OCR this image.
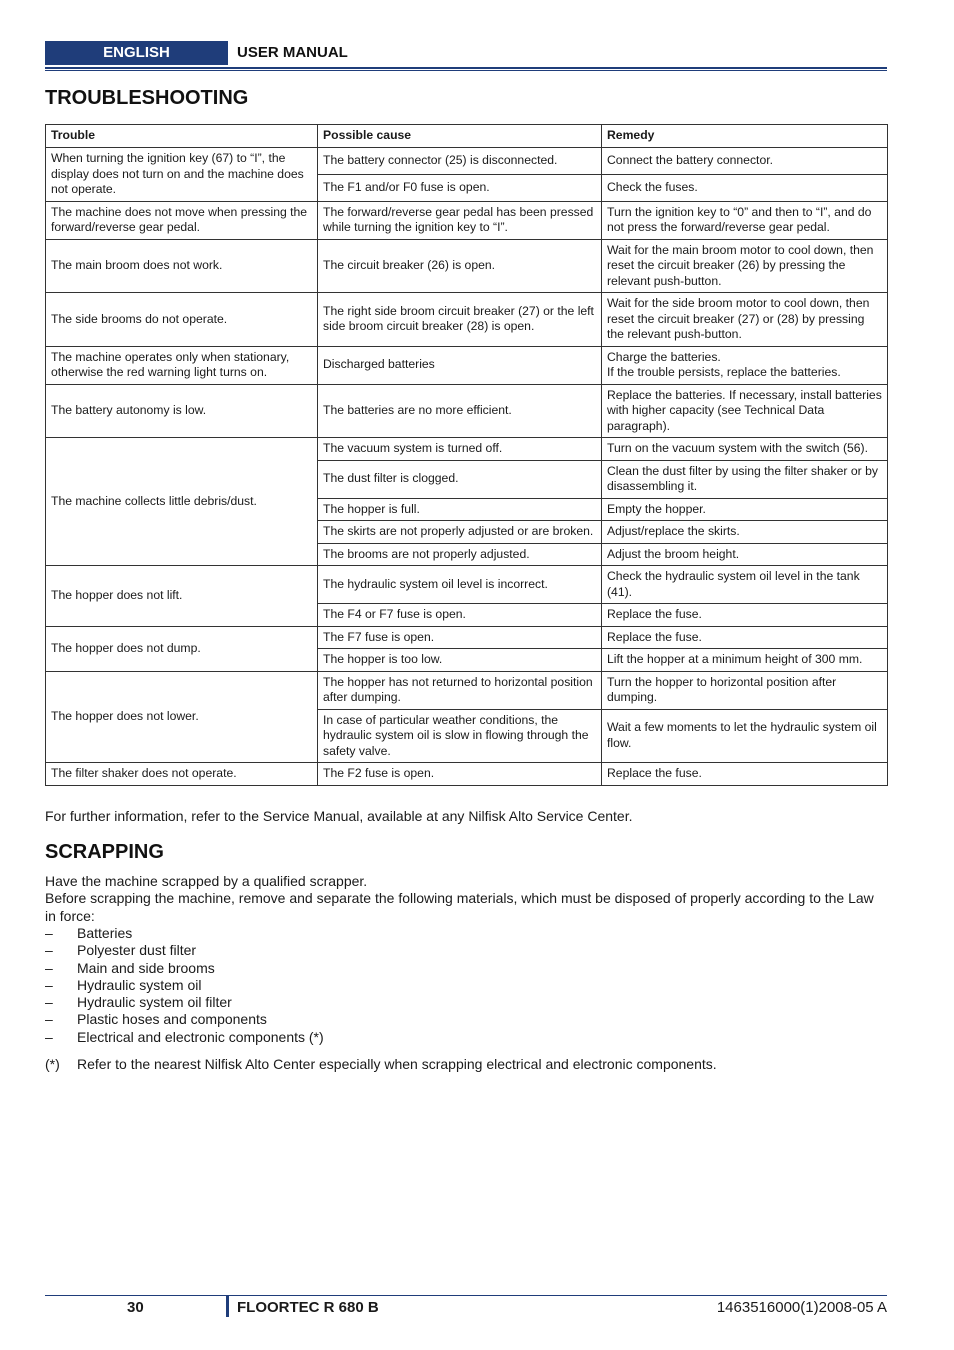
ENGLISH	USER MANUAL
TROUBLESHOOTING
Trouble	Possible cause	Remedy
When turning the ignition key (67) to “I”, the display does not turn on and the machine does not operate.	The battery connector (25) is disconnected.	Connect the battery connector.
	The F1 and/or F0 fuse is open.	Check the fuses.
The machine does not move when pressing the forward/reverse gear pedal.	The forward/reverse gear pedal has been pressed while turning the ignition key to “I”.	Turn the ignition key to “0” and then to “I”, and do not press the forward/reverse gear pedal.
The main broom does not work.	The circuit breaker (26) is open.	Wait for the main broom motor to cool down, then reset the circuit breaker (26) by pressing the relevant push-button.
The side brooms do not operate.	The right side broom circuit breaker (27) or the left side broom circuit breaker (28) is open.	Wait for the side broom motor to cool down, then reset the circuit breaker (27) or (28) by pressing the relevant push-button.
The machine operates only when stationary, otherwise the red warning light turns on.	Discharged batteries	Charge the batteries.
If the trouble persists, replace the batteries.
The battery autonomy is low.	The batteries are no more efficient.	Replace the batteries. If necessary, install batteries with higher capacity (see Technical Data paragraph).
The machine collects little debris/dust.	The vacuum system is turned off.	Turn on the vacuum system with the switch (56).
	The dust filter is clogged.	Clean the dust filter by using the filter shaker or by disassembling it.
	The hopper is full.	Empty the hopper.
	The skirts are not properly adjusted or are broken.	Adjust/replace the skirts.
	The brooms are not properly adjusted.	Adjust the broom height.
The hopper does not lift.	The hydraulic system oil level is incorrect.	Check the hydraulic system oil level in the tank (41).
	The F4 or F7 fuse is open.	Replace the fuse.
The hopper does not dump.	The F7 fuse is open.	Replace the fuse.
	The hopper is too low.	Lift the hopper at a minimum height of 300 mm.
The hopper does not lower.	The hopper has not returned to horizontal position after dumping.	Turn the hopper to horizontal position after dumping.
	In case of particular weather conditions, the hydraulic system oil is slow in flowing through the safety valve.	Wait a few moments to let the hydraulic system oil flow.
The filter shaker does not operate.	The F2 fuse is open.	Replace the fuse.

For further information, refer to the Service Manual, available at any Nilfisk Alto Service Center.

SCRAPPING
Have the machine scrapped by a qualified scrapper.
Before scrapping the machine, remove and separate the following materials, which must be disposed of properly according to the Law in force:
– Batteries
– Polyester dust filter
– Main and side brooms
– Hydraulic system oil
– Hydraulic system oil filter
– Plastic hoses and components
– Electrical and electronic components (*)
(*) Refer to the nearest Nilfisk Alto Center especially when scrapping electrical and electronic components.
30	FLOORTEC R 680 B	1463516000(1)2008-05 A
